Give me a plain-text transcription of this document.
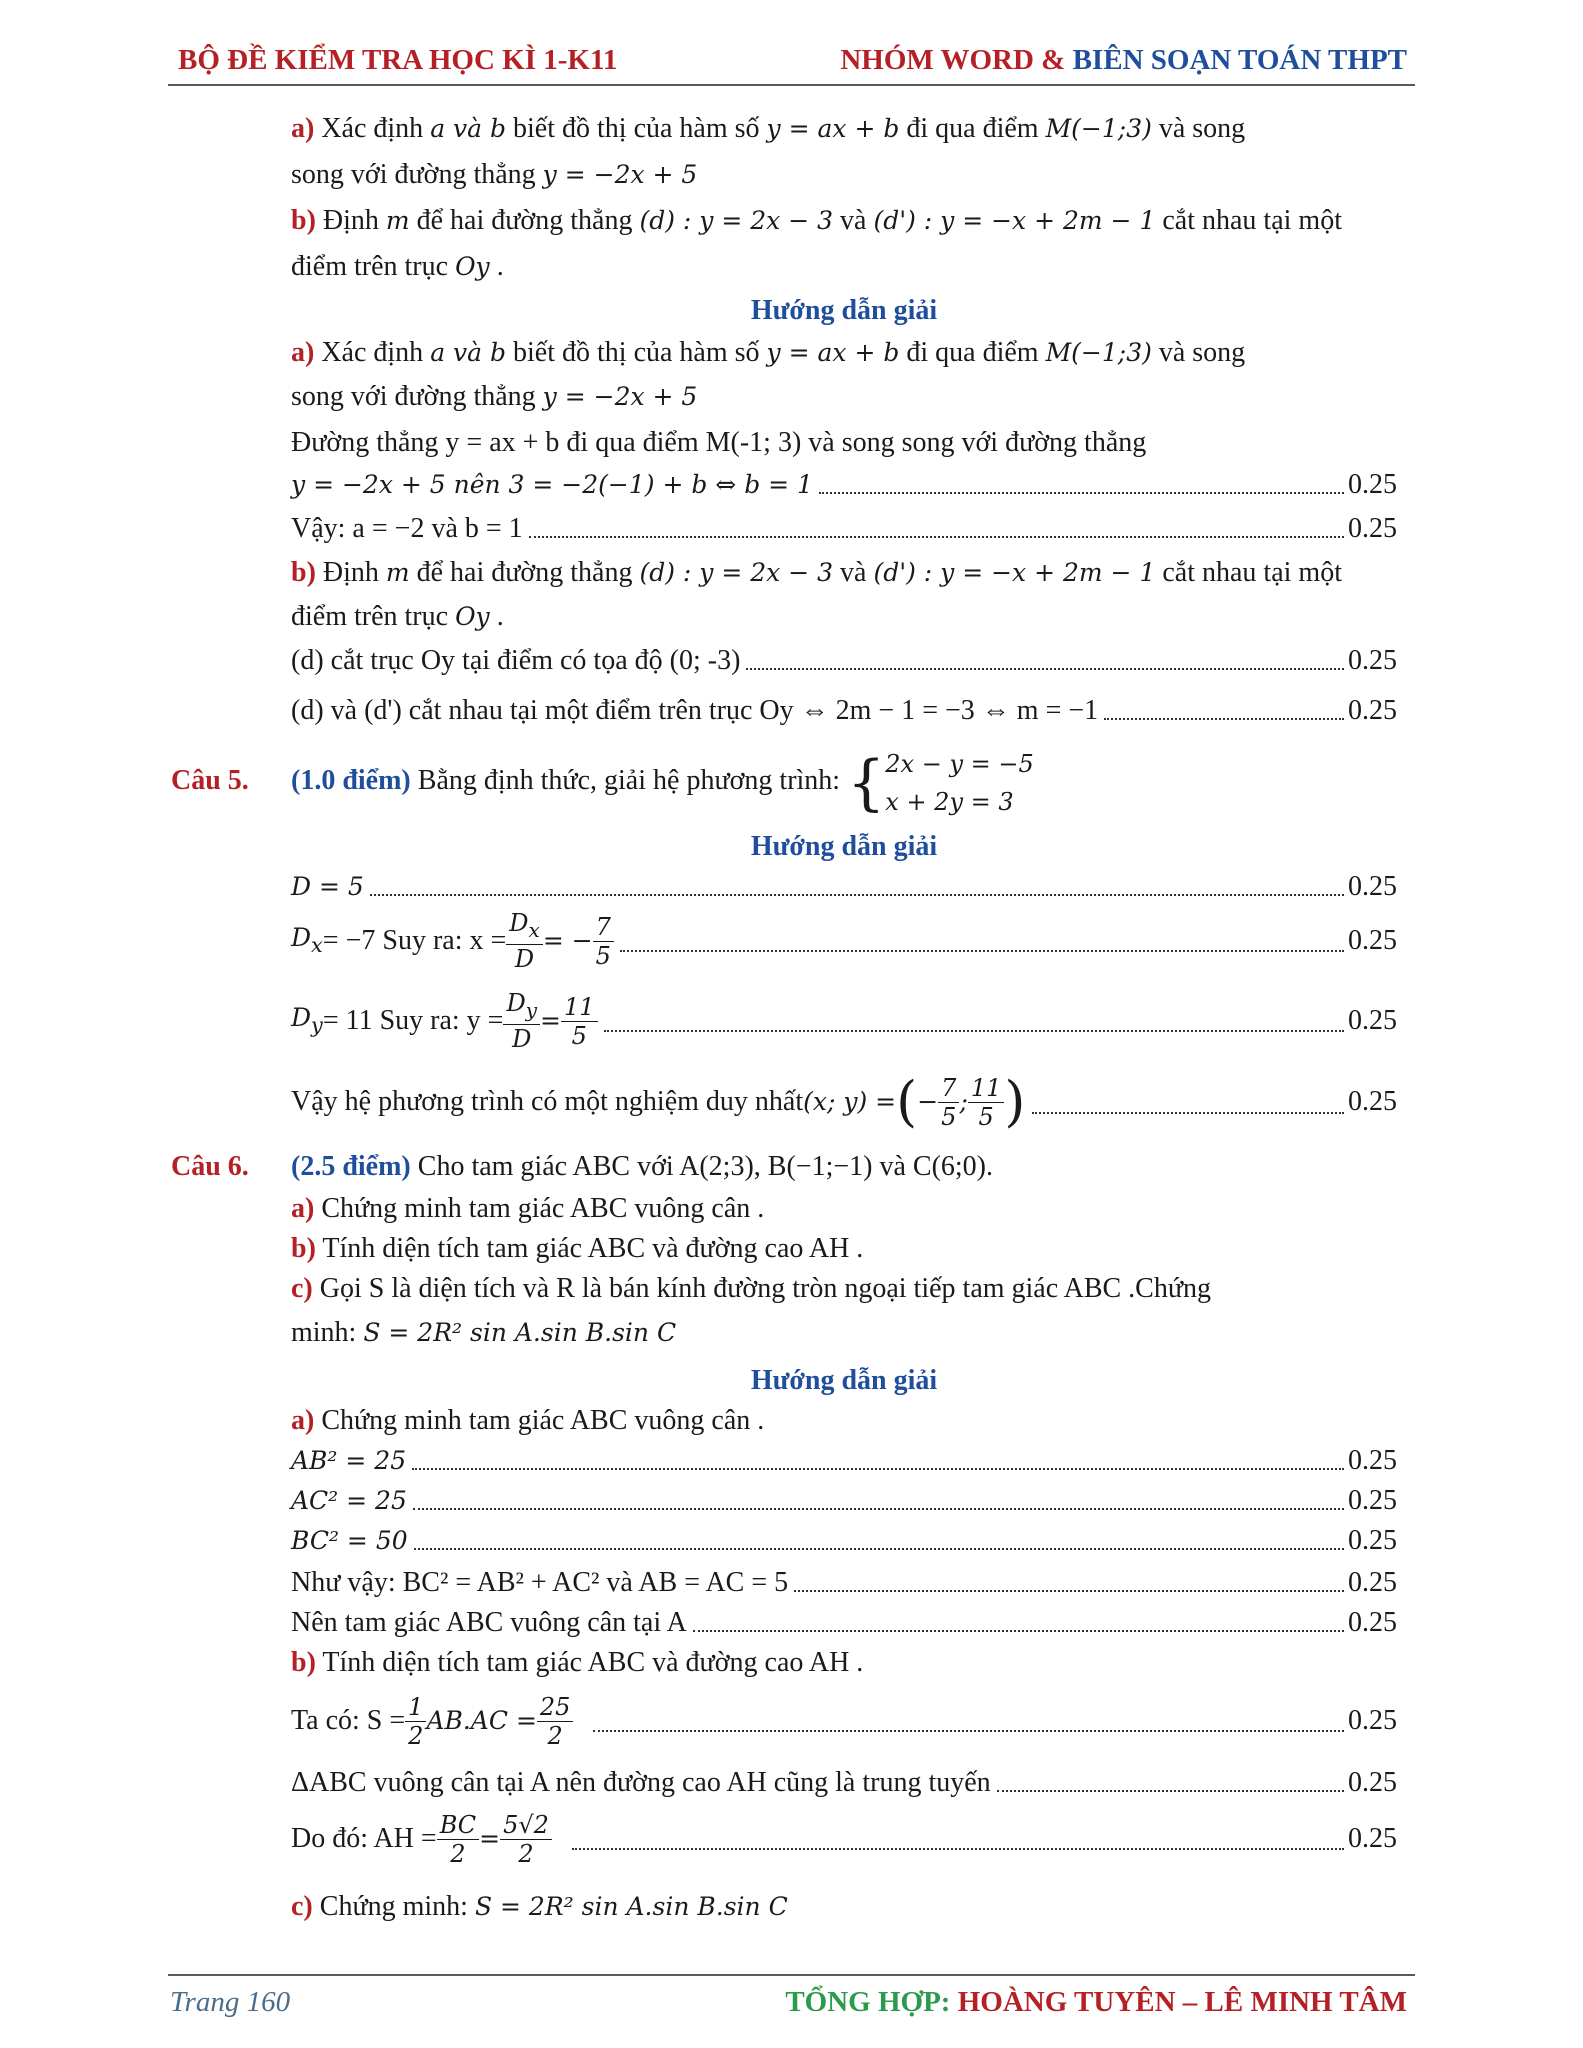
BỘ ĐỀ KIỂM TRA HỌC KÌ 1-K11	NHÓM WORD & BIÊN SOẠN TOÁN THPT
a) Xác định a và b biết đồ thị của hàm số y = ax + b đi qua điểm M(−1;3) và song
song với đường thẳng y = −2x + 5
b) Định m để hai đường thẳng (d) : y = 2x − 3 và (d') : y = −x + 2m − 1 cắt nhau tại một
điểm trên trục Oy .
Hướng dẫn giải
a) Xác định a và b biết đồ thị của hàm số y = ax + b đi qua điểm M(−1;3) và song
song với đường thẳng y = −2x + 5
Đường thẳng y = ax + b đi qua điểm M(-1; 3) và song song với đường thẳng
y = −2x + 5 nên 3 = −2(−1) + b ⇔ b = 1	0.25
Vậy: a = −2 và b = 1	0.25
b) Định m để hai đường thẳng (d) : y = 2x − 3 và (d') : y = −x + 2m − 1 cắt nhau tại một
điểm trên trục Oy .
(d) cắt trục Oy tại điểm có tọa độ (0; -3)	0.25
(d) và (d') cắt nhau tại một điểm trên trục Oy ⇔ 2m − 1 = −3 ⇔ m = −1	0.25
Câu 5. (1.0 điểm) Bằng định thức, giải hệ phương trình: { 2x − y = −5
x + 2y = 3
Hướng dẫn giải
D = 5	0.25
$D_x = -7$ Suy ra: $x = \frac{D_x}{D}$ = − $\frac{7}{5}$	0.25
$D_y = 11$ Suy ra: $y = \frac{D_y}{D} = \frac{11}{5}$	0.25
Vậy hệ phương trình có một nghiệm duy nhất (x; y) = ( − $\frac{7}{5}$ ; $\frac{11}{5}$ )	0.25
Câu 6. (2.5 điểm) Cho tam giác ABC với A(2;3), B(−1;−1) và C(6;0).
a) Chứng minh tam giác ABC vuông cân .
b) Tính diện tích tam giác ABC và đường cao AH .
c) Gọi S là diện tích và R là bán kính đường tròn ngoại tiếp tam giác ABC .Chứng
minh: S = 2R² sin A.sin B.sin C
Hướng dẫn giải
a) Chứng minh tam giác ABC vuông cân .
AB² = 25	0.25
AC² = 25	0.25
BC² = 50	0.25
Như vậy: BC² = AB² + AC² và AB = AC = 5	0.25
Nên tam giác ABC vuông cân tại A	0.25
b) Tính diện tích tam giác ABC và đường cao AH .
Ta có: $S = \frac{1}{2} AB.AC = \frac{25}{2}$	0.25
ΔABC vuông cân tại A nên đường cao AH cũng là trung tuyến	0.25
Do đó: AH = $\frac{BC}{2} = \frac{5√2}{2}$	0.25
c) Chứng minh: S = 2R² sin A.sin B.sin C
Trang 160	TỔNG HỢP: HOÀNG TUYÊN – LÊ MINH TÂM
